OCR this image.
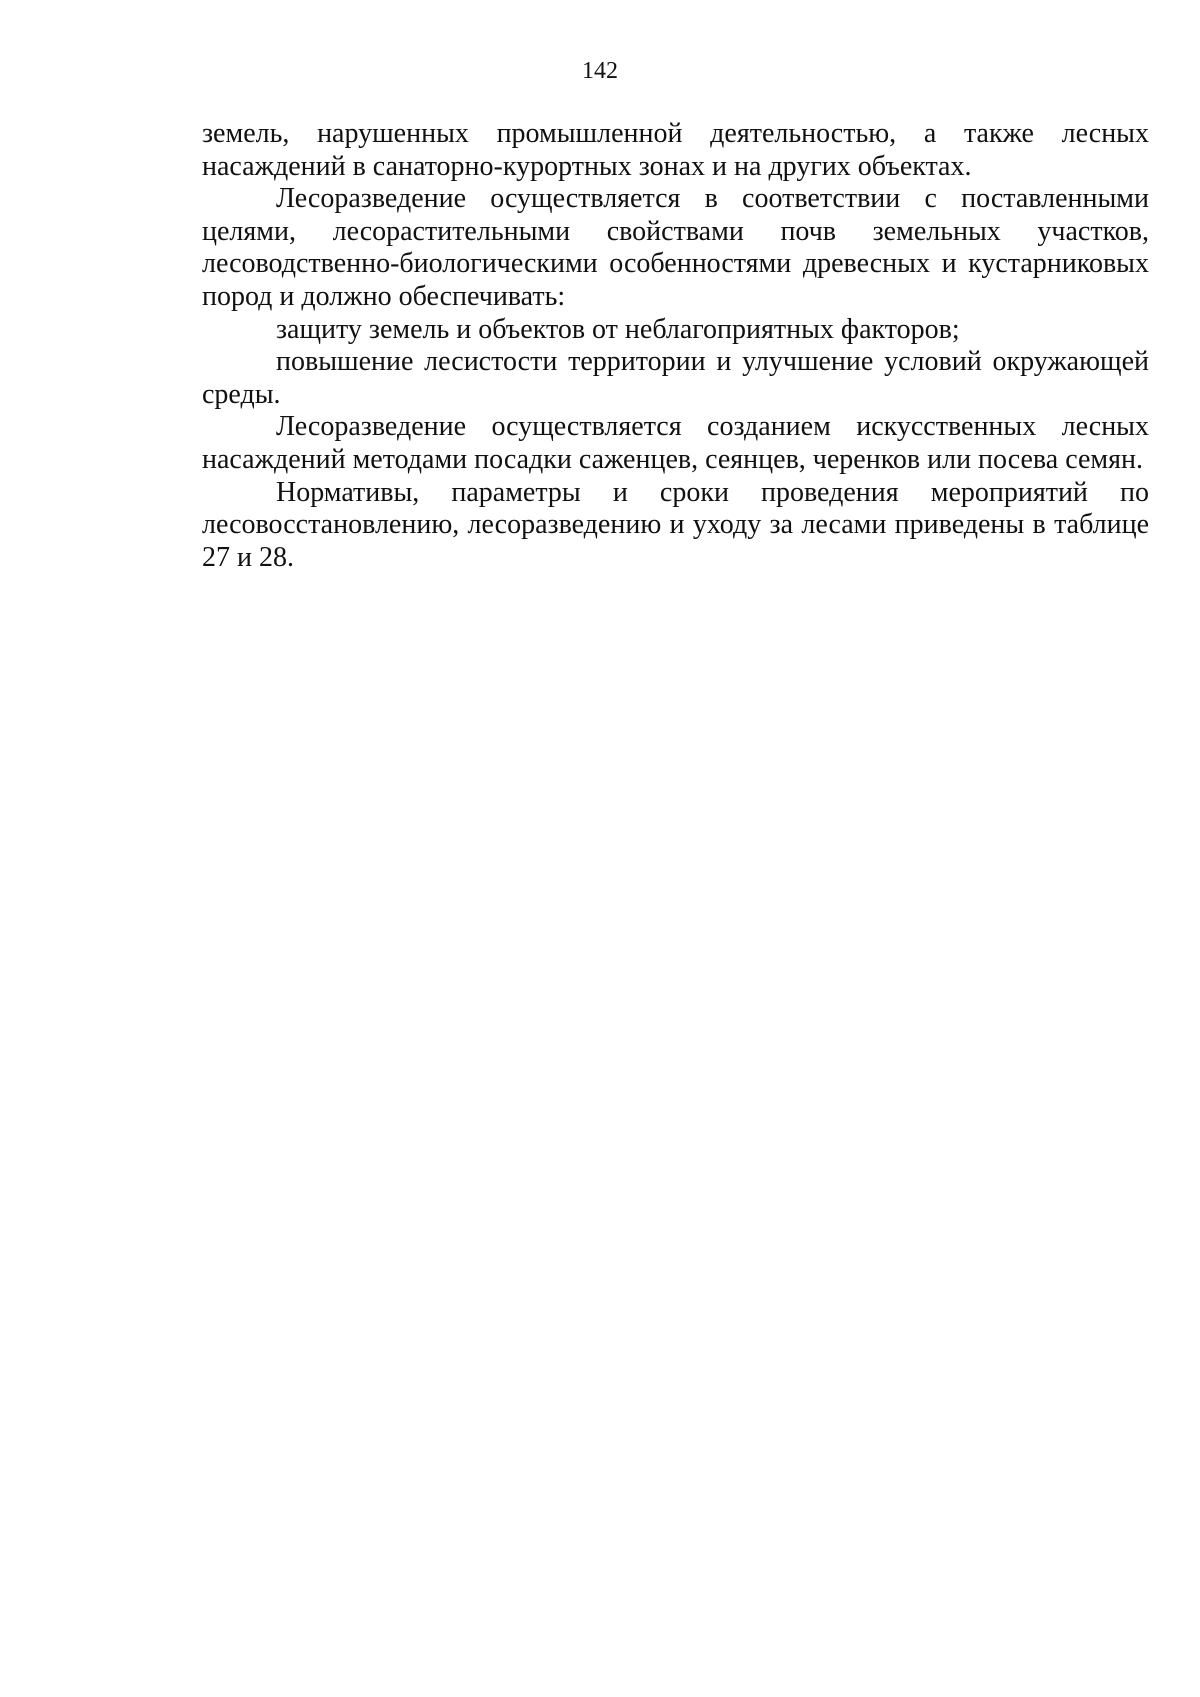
142

земель, нарушенных промышленной деятельностью, а также лесных насаждений в санаторно-курортных зонах и на других объектах.

Лесоразведение осуществляется в соответствии с поставленными целями, лесорастительными свойствами почв земельных участков, лесоводственно-биологическими особенностями древесных и кустарниковых пород и должно обеспечивать:

защиту земель и объектов от неблагоприятных факторов;

повышение лесистости территории и улучшение условий окружающей среды.

Лесоразведение осуществляется созданием искусственных лесных насаждений методами посадки саженцев, сеянцев, черенков или посева семян.

Нормативы, параметры и сроки проведения мероприятий по лесовосстановлению, лесоразведению и уходу за лесами приведены в таблице 27 и 28.
